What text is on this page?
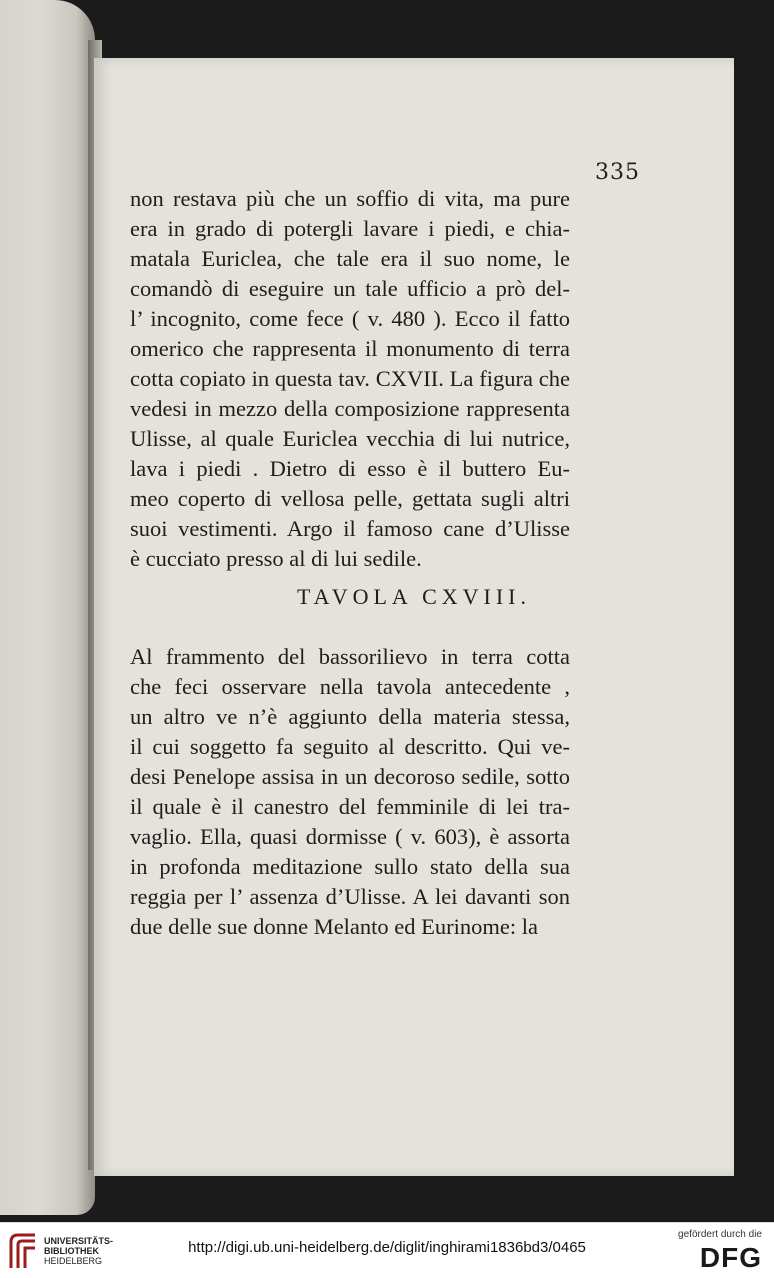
335
non restava più che un soffio di vita, ma pure
era in grado di potergli lavare i piedi, e chia-
matala Euriclea, che tale era il suo nome, le
comandò di eseguire un tale ufficio a prò del-
l’ incognito, come fece ( v. 480 ). Ecco il fatto
omerico che rappresenta il monumento di terra
cotta copiato in questa tav. CXVII. La figura che
vedesi in mezzo della composizione rappresenta
Ulisse, al quale Euriclea vecchia di lui nutrice,
lava i piedi . Dietro di esso è il buttero Eu-
meo coperto di vellosa pelle, gettata sugli altri
suoi vestimenti. Argo il famoso cane d’Ulisse
è cucciato presso al di lui sedile.
TAVOLA CXVIII.
Al frammento del bassorilievo in terra cotta
che feci osservare nella tavola antecedente ,
un altro ve n’è aggiunto della materia stessa,
il cui soggetto fa seguito al descritto. Qui ve-
desi Penelope assisa in un decoroso sedile, sotto
il quale è il canestro del femminile di lei tra-
vaglio. Ella, quasi dormisse ( v. 603), è assorta
in profonda meditazione sullo stato della sua
reggia per l’ assenza d’Ulisse. A lei davanti son
due delle sue donne Melanto ed Eurinome: la
UNIVERSITÄTS-
BIBLIOTHEK
HEIDELBERG
http://digi.ub.uni-heidelberg.de/diglit/inghirami1836bd3/0465
gefördert durch die
DFG
